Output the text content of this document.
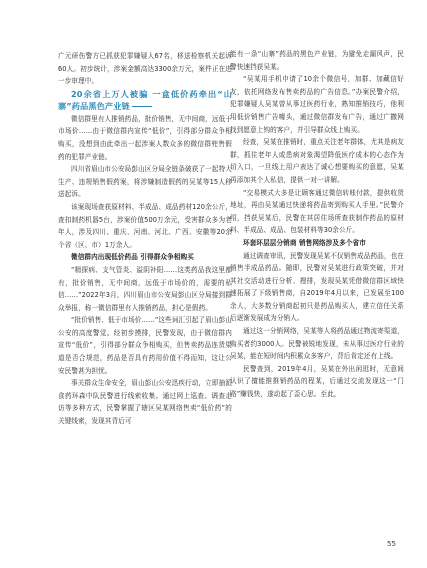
广元研伤警方已抓获犯罪嫌疑人67名，移送检察机关起诉60人。初步统计，涉案金额高达3300余万元，案件正在进一步审理中。

20余省上万人被骗 一盒低价药牵出“山寨”药品黑色产业链

微信群里有人推销药品，批价销售，无中间商，远低于市场价……由于微信群内宣传“低价”，引得部分群众争相购买，没想到由此牵出一起涉案人数众多的微信群兜售假药的犯罪产业链。

四川省眉山市公安局彭山区分局全链条破获了一起特大生产、违规销售假药案，将涉嫌制造假药的吴某等15人移送起诉。

该案现场查获原材料、半成品、成品药材120余公斤，查扣制药机器5台，涉案价值500万余元，受害群众多为老年人，涉及四川、重庆、河南、河北、广西、安徽等20余个省（区、市）1万余人。

微信群内出现低价药品 引得群众争相购买

“精探病、支气管炎、溢阴补阳……这类药品我这里都有，批价销售，无中间商，远低于市场价的，需要的私信……”2022年3月，四川眉山市公安局彭山区分局接到群众举报，称一微信群里有人推销药品，担心是假药。

“批价销售、低于市场价……”这些词汇引起了眉山彭山公安的高度警觉。经初步摸排，民警发现，由于微信群内宣传“低价”，引得部分群众争相购买，但售卖药品连货渠道是否合规范，药品是否具有药用价值不得而知，这让公安民警甚为担忧。

事关群众生命安全，眉山彭山公安迅疾行动，立即抽派食药环森中队民警进行线索收集。通过网上巡查、调查走访等多种方式，民警掌握了辖区吴某网络售卖“低价药”的关键线索，发现其背后可

能有一条“山寨”药品的黑色产业链，为避免走漏风声，民警快速挡获吴某。

“吴某用手机申请了10余个微信号，加群、加藏信好友，依托网络发布售卖药品的广告信息。”办案民警介绍，犯罪嫌疑人吴某曾从事过医药行业，熟知推销技巧，他利用低价销售广告噱头，通过微信群发布广告，通过广撒网找到愿意上钩的客户，并引导群众线上购买。

经查，吴某在推销时，重点关注老年群体，尤其是病友群，抓住老年人或患病对象渴望降低医疗成本的心态作为切入口，一旦线上用户表达了诚心想要购买的意愿，吴某再添加其个人私信，提供一对一讲解。

“交易模式大多是让顾客通过微信转账付款，提供收货地址，再由吴某通过快递将药品寄到购买人手里。”民警介绍，挡获吴某后，民警在其居住场所查获制作药品的原材料、半成品、成品、包装材料等30余公斤。

环套环层层分销商 销售网络涉及多个省市

通过调查审讯，民警发现吴某不仅销售成品药品，也在销售半成品药品。随即，民警对吴某进行政策突破，并对其社交活动进行分析、搜排，发现吴某凭借微信群区域快速拓展了下级销售商，自2019年4月以来，已发展至100余人，大多数分销商起初只是药品购买人，建立信任关系后逐渐发展成为分销人。

通过这一分销网络，吴某等人将药品通过物流寄渠道，购买者约3000人。民警被锐地发现，未从事过医疗行业的吴某，能在短时间内积累众多客户，背后肯定还有上线。

民警查到，2019年4月，吴某在外出闲逛时，无意间认识了擅能推推销药品的程某，后通过交流发现这一“门路”赚钱快，遂动起了歪心思。至此，

55
